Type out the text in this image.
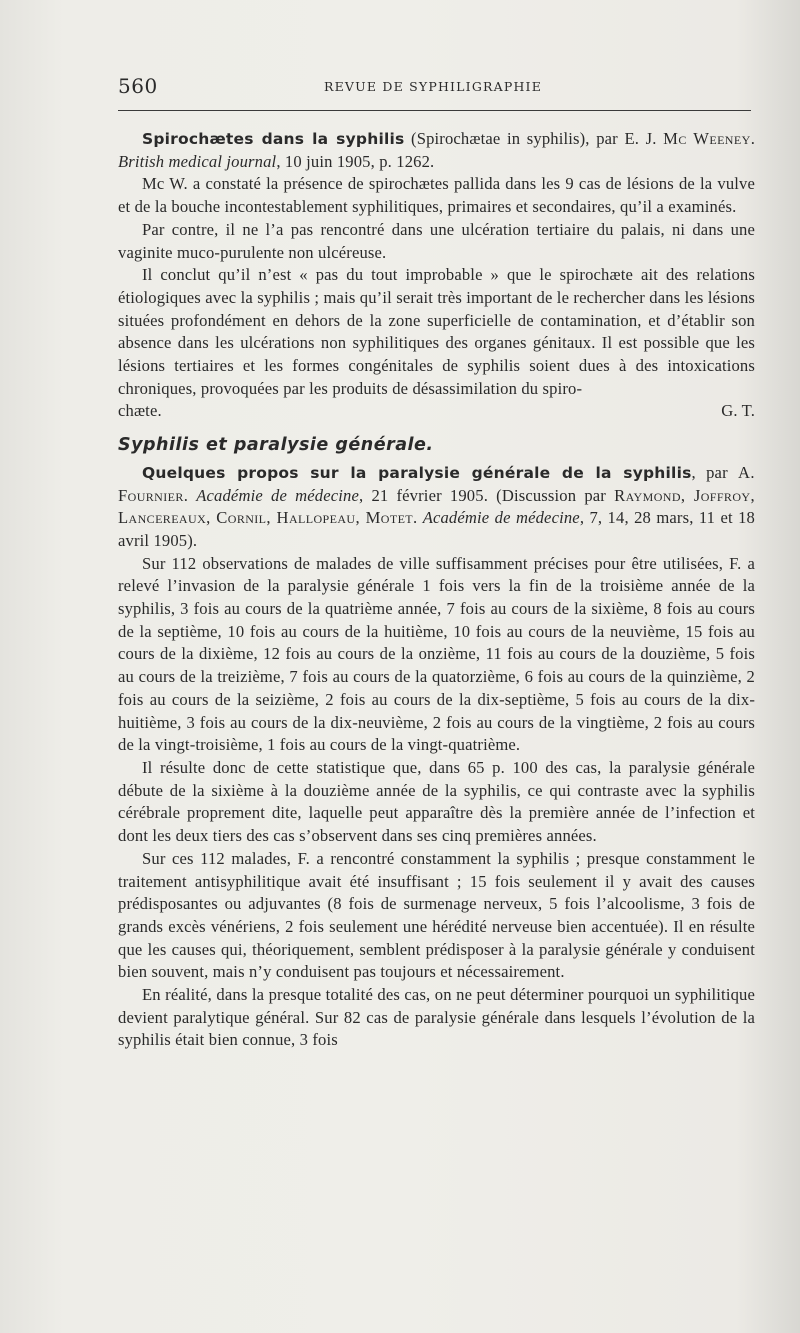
560	REVUE DE SYPHILIGRAPHIE

Spirochætes dans la syphilis (Spirochætae in syphilis), par E. J. Mc Weeney. British medical journal, 10 juin 1905, p. 1262.

Mc W. a constaté la présence de spirochætes pallida dans les 9 cas de lésions de la vulve et de la bouche incontestablement syphilitiques, primaires et secondaires, qu’il a examinés.

Par contre, il ne l’a pas rencontré dans une ulcération tertiaire du palais, ni dans une vaginite muco-purulente non ulcéreuse.

Il conclut qu’il n’est « pas du tout improbable » que le spirochæte ait des relations étiologiques avec la syphilis ; mais qu’il serait très important de le rechercher dans les lésions situées profondément en dehors de la zone superficielle de contamination, et d’établir son absence dans les ulcérations non syphilitiques des organes génitaux. Il est possible que les lésions tertiaires et les formes congénitales de syphilis soient dues à des intoxications chroniques, provoquées par les produits de désassimilation du spiro-

chæte.	G. T.
Syphilis et paralysie générale.

Quelques propos sur la paralysie générale de la syphilis, par A. Fournier. Académie de médecine, 21 février 1905. (Discussion par Raymond, Joffroy, Lancereaux, Cornil, Hallopeau, Motet. Académie de médecine, 7, 14, 28 mars, 11 et 18 avril 1905).

Sur 112 observations de malades de ville suffisamment précises pour être utilisées, F. a relevé l’invasion de la paralysie générale 1 fois vers la fin de la troisième année de la syphilis, 3 fois au cours de la quatrième année, 7 fois au cours de la sixième, 8 fois au cours de la septième, 10 fois au cours de la huitième, 10 fois au cours de la neuvième, 15 fois au cours de la dixième, 12 fois au cours de la onzième, 11 fois au cours de la douzième, 5 fois au cours de la treizième, 7 fois au cours de la quatorzième, 6 fois au cours de la quinzième, 2 fois au cours de la seizième, 2 fois au cours de la dix-septième, 5 fois au cours de la dix-huitième, 3 fois au cours de la dix-neuvième, 2 fois au cours de la vingtième, 2 fois au cours de la vingt-troisième, 1 fois au cours de la vingt-quatrième.

Il résulte donc de cette statistique que, dans 65 p. 100 des cas, la paralysie générale débute de la sixième à la douzième année de la syphilis, ce qui contraste avec la syphilis cérébrale proprement dite, laquelle peut apparaître dès la première année de l’infection et dont les deux tiers des cas s’observent dans ses cinq premières années.

Sur ces 112 malades, F. a rencontré constamment la syphilis ; presque constamment le traitement antisyphilitique avait été insuffisant ; 15 fois seulement il y avait des causes prédisposantes ou adjuvantes (8 fois de surmenage nerveux, 5 fois l’alcoolisme, 3 fois de grands excès vénériens, 2 fois seulement une hérédité nerveuse bien accentuée). Il en résulte que les causes qui, théoriquement, semblent prédisposer à la paralysie générale y conduisent bien souvent, mais n’y conduisent pas toujours et nécessairement.

En réalité, dans la presque totalité des cas, on ne peut déterminer pourquoi un syphilitique devient paralytique général. Sur 82 cas de paralysie générale dans lesquels l’évolution de la syphilis était bien connue, 3 fois
